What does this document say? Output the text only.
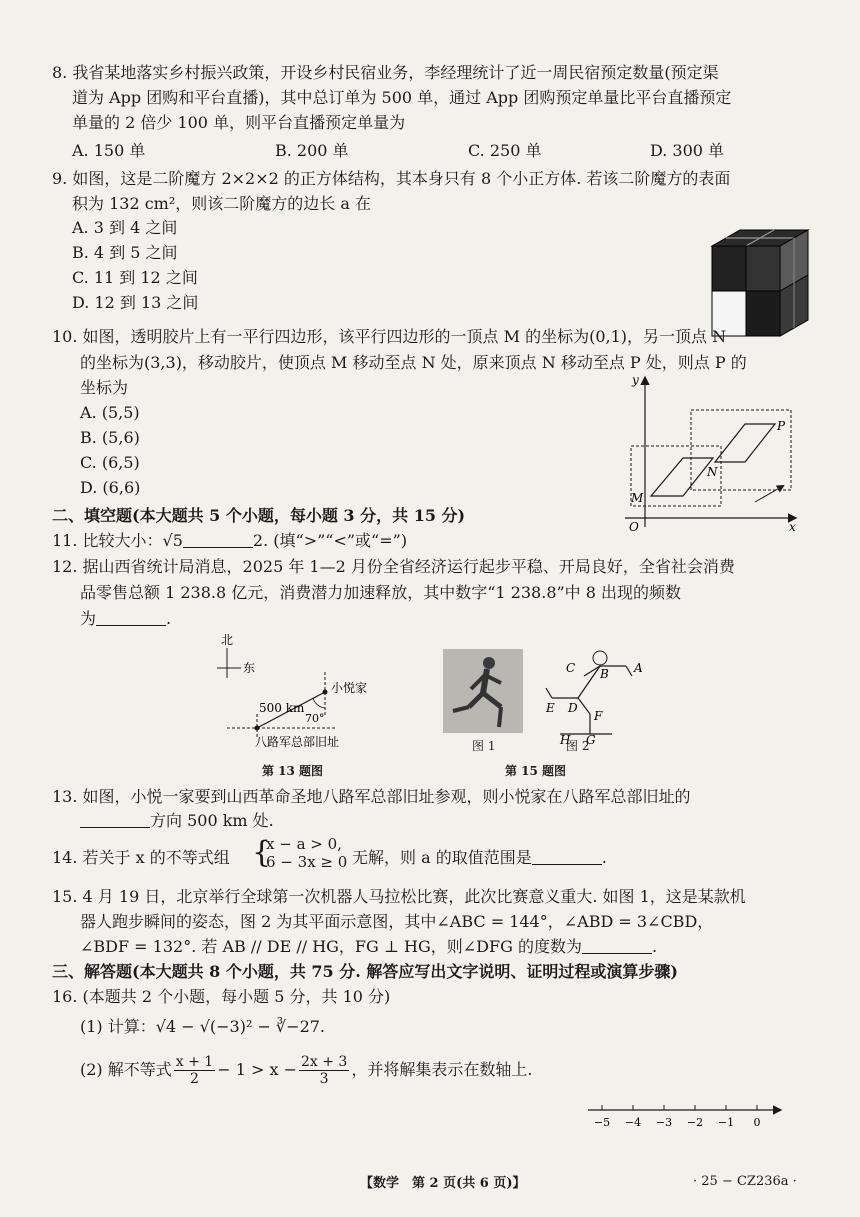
8. 我省某地落实乡村振兴政策，开设乡村民宿业务，李经理统计了近一周民宿预定数量(预定渠
道为 App 团购和平台直播)，其中总订单为 500 单，通过 App 团购预定单量比平台直播预定
单量的 2 倍少 100 单，则平台直播预定单量为
A. 150 单	B. 200 单	C. 250 单	D. 300 单
9. 如图，这是二阶魔方 2×2×2 的正方体结构，其本身只有 8 个小正方体. 若该二阶魔方的表面
积为 132 cm²，则该二阶魔方的边长 a 在
A. 3 到 4 之间
B. 4 到 5 之间
C. 11 到 12 之间
D. 12 到 13 之间
10. 如图，透明胶片上有一平行四边形，该平行四边形的一顶点 M 的坐标为(0,1)，另一顶点 N
的坐标为(3,3)，移动胶片，使顶点 M 移动至点 N 处，原来顶点 N 移动至点 P 处，则点 P 的
坐标为
A. (5,5)
B. (5,6)
C. (6,5)
D. (6,6)
y
x
O
M
N
P
二、填空题(本大题共 5 个小题，每小题 3 分，共 15 分)
11. 比较大小：√5	2. (填“>”“<”或“=”)
12. 据山西省统计局消息，2025 年 1—2 月份全省经济运行起步平稳、开局良好，全省社会消费
品零售总额 1 238.8 亿元，消费潜力加速释放，其中数字“1 238.8”中 8 出现的频数
为	.
北
东
小悦家
500 km
70°
八路军总部旧址
第 13 题图
图 1
C B A
E D
F
H G
图 2
第 15 题图
13. 如图，小悦一家要到山西革命圣地八路军总部旧址参观，则小悦家在八路军总部旧址的
方向 500 km 处.
14. 若关于 x 的不等式组 {
x − a > 0,
6 − 3x ≥ 0 无解，则 a 的取值范围是	.
15. 4 月 19 日，北京举行全球第一次机器人马拉松比赛，此次比赛意义重大. 如图 1，这是某款机
器人跑步瞬间的姿态，图 2 为其平面示意图，其中∠ABC = 144°，∠ABD = 3∠CBD，
∠BDF = 132°. 若 AB // DE // HG，FG ⊥ HG，则∠DFG 的度数为	.
三、解答题(本大题共 8 个小题，共 75 分. 解答应写出文字说明、证明过程或演算步骤)
16. (本题共 2 个小题，每小题 5 分，共 10 分)
(1) 计算：√4 − √(−3)² − ∛−27.
(2) 解不等式 $\frac{x + 1}{2} - 1 > x - \frac{2x + 3}{3}$ ，并将解集表示在数轴上.
−5 −4 −3 −2 −1 0
【数学　第 2 页(共 6 页)】	· 25 − CZ236a ·
